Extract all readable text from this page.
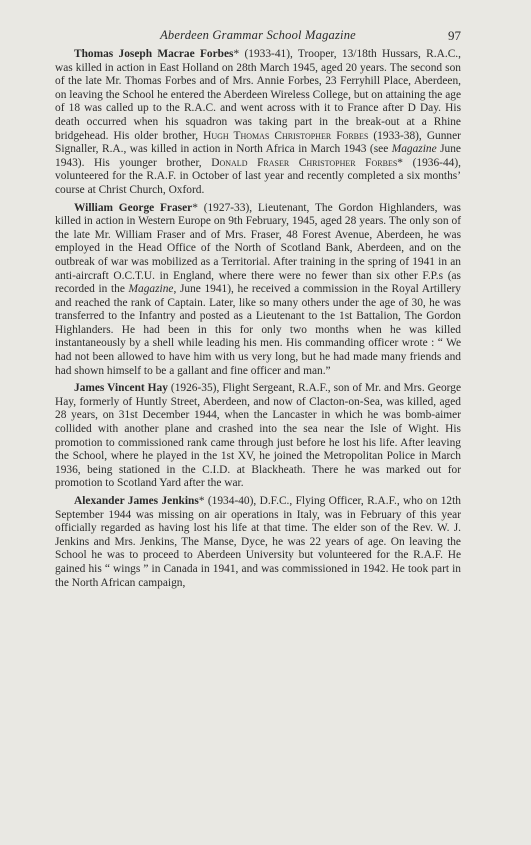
Aberdeen Grammar School Magazine	97

Thomas Joseph Macrae Forbes* (1933-41), Trooper, 13/18th Hussars, R.A.C., was killed in action in East Holland on 28th March 1945, aged 20 years. The second son of the late Mr. Thomas Forbes and of Mrs. Annie Forbes, 23 Ferryhill Place, Aberdeen, on leaving the School he entered the Aberdeen Wireless College, but on attaining the age of 18 was called up to the R.A.C. and went across with it to France after D Day. His death occurred when his squadron was taking part in the break-out at a Rhine bridgehead. His older brother, Hugh Thomas Christopher Forbes (1933-38), Gunner Signaller, R.A., was killed in action in North Africa in March 1943 (see Magazine June 1943). His younger brother, Donald Fraser Christopher Forbes* (1936-44), volunteered for the R.A.F. in October of last year and recently completed a six months’ course at Christ Church, Oxford.

William George Fraser* (1927-33), Lieutenant, The Gordon Highlanders, was killed in action in Western Europe on 9th February, 1945, aged 28 years. The only son of the late Mr. William Fraser and of Mrs. Fraser, 48 Forest Avenue, Aberdeen, he was employed in the Head Office of the North of Scotland Bank, Aberdeen, and on the outbreak of war was mobilized as a Territorial. After training in the spring of 1941 in an anti-aircraft O.C.T.U. in England, where there were no fewer than six other F.P.s (as recorded in the Magazine, June 1941), he received a commission in the Royal Artillery and reached the rank of Captain. Later, like so many others under the age of 30, he was transferred to the Infantry and posted as a Lieutenant to the 1st Battalion, The Gordon Highlanders. He had been in this for only two months when he was killed instantaneously by a shell while leading his men. His commanding officer wrote : “ We had not been allowed to have him with us very long, but he had made many friends and had shown himself to be a gallant and fine officer and man.”

James Vincent Hay (1926-35), Flight Sergeant, R.A.F., son of Mr. and Mrs. George Hay, formerly of Huntly Street, Aberdeen, and now of Clacton-on-Sea, was killed, aged 28 years, on 31st December 1944, when the Lancaster in which he was bomb-aimer collided with another plane and crashed into the sea near the Isle of Wight. His promotion to commissioned rank came through just before he lost his life. After leaving the School, where he played in the 1st XV, he joined the Metropolitan Police in March 1936, being stationed in the C.I.D. at Blackheath. There he was marked out for promotion to Scotland Yard after the war.

Alexander James Jenkins* (1934-40), D.F.C., Flying Officer, R.A.F., who on 12th September 1944 was missing on air operations in Italy, was in February of this year officially regarded as having lost his life at that time. The elder son of the Rev. W. J. Jenkins and Mrs. Jenkins, The Manse, Dyce, he was 22 years of age. On leaving the School he was to proceed to Aberdeen University but volunteered for the R.A.F. He gained his “ wings ” in Canada in 1941, and was commissioned in 1942. He took part in the North African campaign,
